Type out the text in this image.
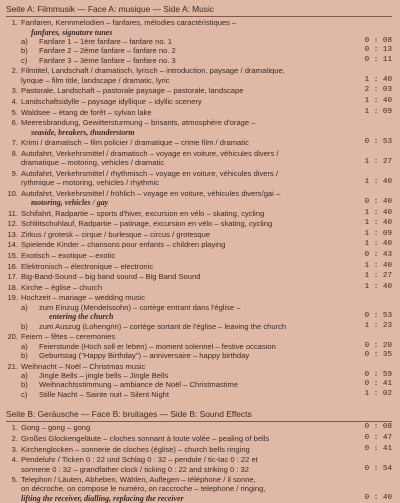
Seite A: Filmmusik — Face A: musique — Side A: Music
1. Fanfaren, Kennmelodien – fanfares, mélodies caractéristiques –
fanfares, signature tunes
a)	Fanfare 1 – 1ère fanfare – fanfare no. 1	0 : 08
b)	Fanfare 2 – 2ème fanfare – fanfare no. 2	0 : 13
c)	Fanfare 3 – 3ème fanfare – fanfare no. 3	0 : 11
2. Filmtitel, Landschaft / dramatisch, lyrisch – introduction, paysage / dramatique,
lyrique – film title, landscape / dramatic, lyric	1 : 40
3. Pastorale, Landschaft – pastorale paysage – pastorale, landscape	2 : 03
4. Landschaftsidylle – paysage idyllique – idyllic scenery	1 : 40
5. Waldsee – étang de forêt – sylvan lake	1 : 09
6. Meeresbrandung, Gewittersturmung – brisants, atmosphère d'orage –
seaside, breakers, thunderstorm
7. Krimi / dramatisch – film policier / dramatique – crime film / dramatic	0 : 53
8. Autofahrt, Verkehrsmittel / dramatisch – voyage en voiture, véhicules divers /
dramatique – motoring, vehicles / dramatic	1 : 27
9. Autofahrt, Verkehrsmittel / rhythmisch – voyage en voiture, véhicules divers /
rythmique – motoring, vehicles / rhythmic	1 : 40
10. Autofahrt, Verkehrsmittel / fröhlich – voyage en voiture, véhicules divers/gai –
motoring, vehicles / gay	0 : 40
11. Schifahrt, Radpartie – sports d'hiver, excursion en vélo – skating, cycling	1 : 40
12. Schlittschuhlauf, Radpartie – patinage, excursion en vélo – skating, cycling	1 : 40
13. Zirkus / grotesk – cirque / burlesque – circus / grotesque	1 : 09
14. Spielende Kinder – chansons pour enfants – children playing	1 : 40
15. Exotisch – exotique – exotic	0 : 43
16. Elektronisch – électronique – electronic	1 : 40
17. Big-Band-Sound – big band sound – Big Band Sound	1 : 27
18. Kirche – église – church	1 : 40
19. Hochzeit – mariage – wedding music
a)	zum Einzug (Mendelssohn) – cortège entrant dans l'église –
entering the church	0 : 53
b)	zum Auszug (Lohengrin) – cortège sortant de l'église – leaving the church	1 : 23
20. Feiern – fêtes – ceremonies
a)	Feierstunde (Hoch soll er leben) – moment solennel – festive occasion	0 : 20
b)	Geburtstag ("Happy Birthday") – anniversaire – happy birthday	0 : 35
21. Weihnacht – Noël – Christmas music
a)	Jingle Bells – jingle bells – Jingle Bells	0 : 59
b)	Weihnachtsstimmung – ambiance de Noël – Christmastime	0 : 41
c)	Stille Nacht – Sainte nuit – Silent Night	1 : 02
Seite B: Geräusche — Face B: bruitages — Side B: Sound Effects
1. Gong – gong – gong	0 : 08
2. Großes Glockengeläute – cloches sonnant à toute volée – pealing of bells	0 : 47
3. Kirchenglocken – sonnerie de cloches (église) – church bells ringing	0 : 41
4. Pendeluhr / Ticken 0 : 22 und Schlag 0 : 32 – pendule / tic-tac 0 : 22 et
sonnerie 0 : 32 – grandfather clock / ticking 0 : 22 and striking 0 : 32	0 : 54
5. Telephon / Läuten, Abheben, Wählen, Auflegen – téléphone / il sonne,
on décroche, on compose le numéro, on raccroche – telephone / ringing,
lifting the receiver, dialling, replacing the receiver	0 : 40
